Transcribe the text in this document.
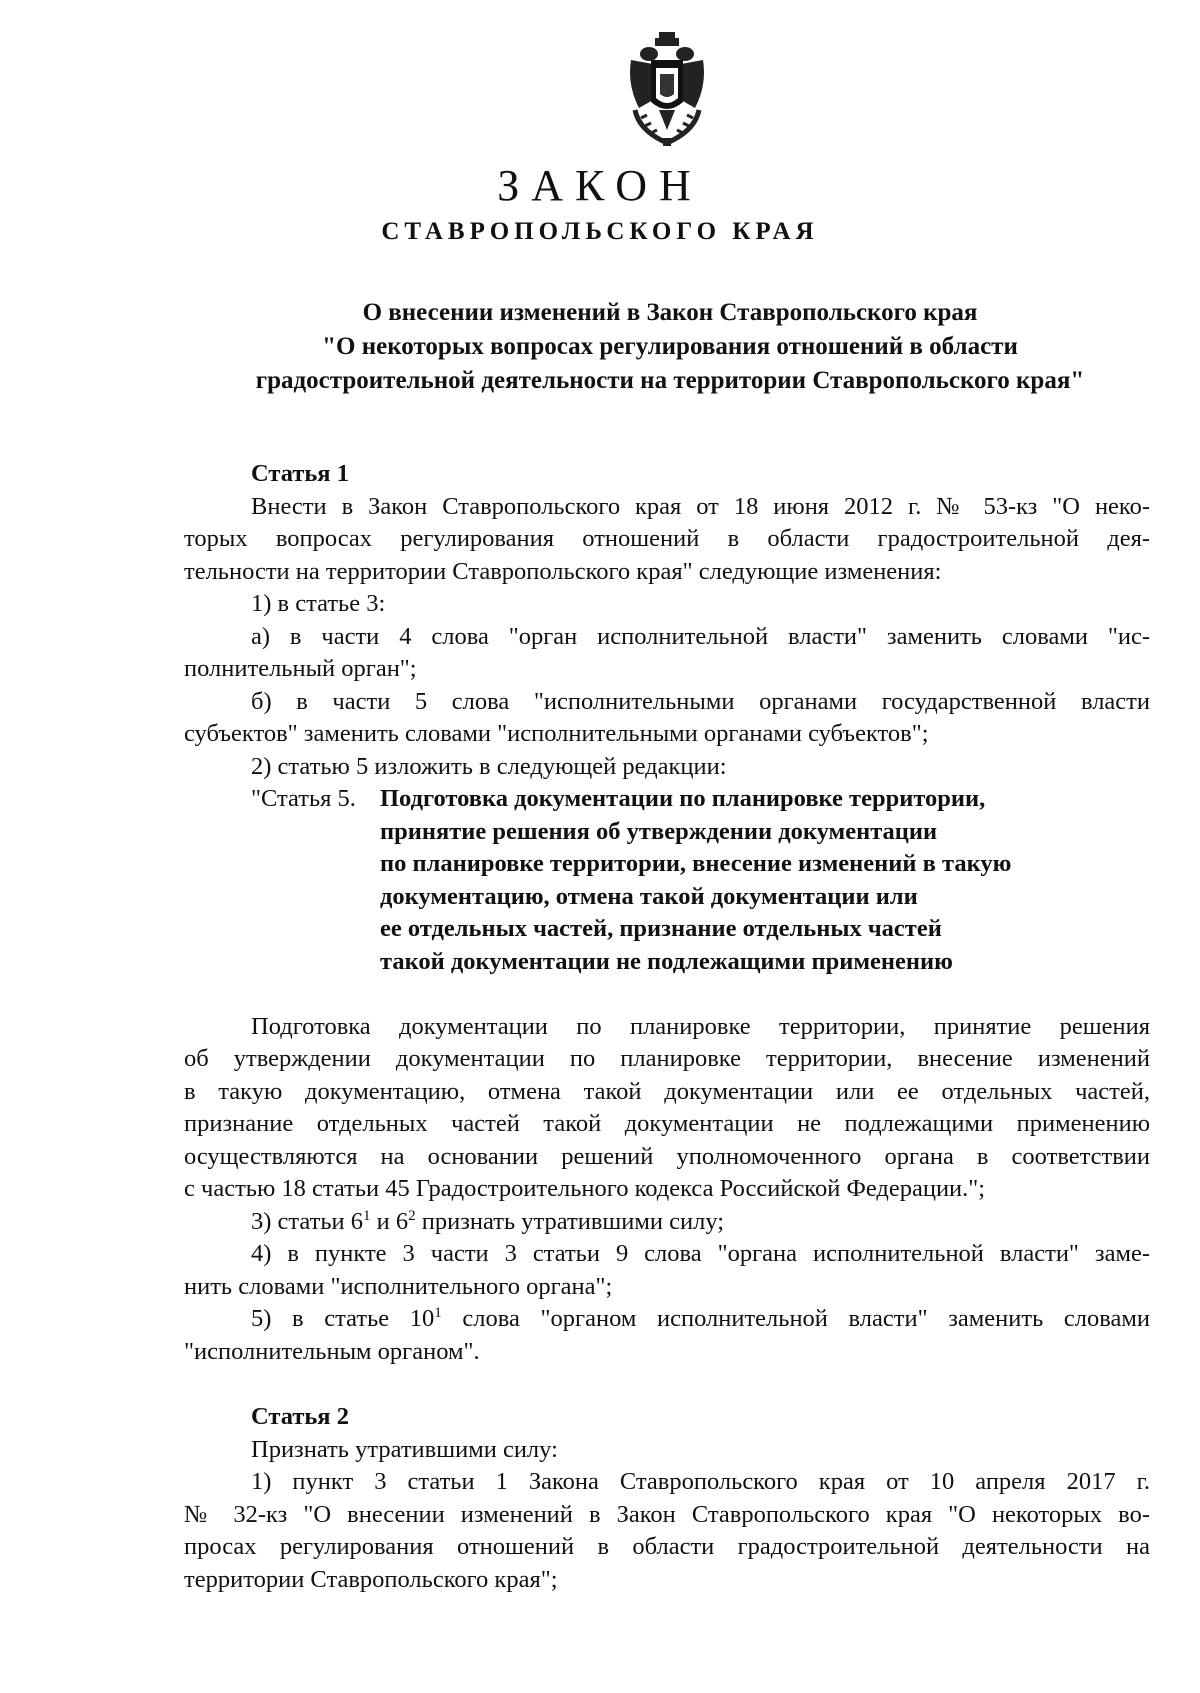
ЗАКОН
СТАВРОПОЛЬСКОГО КРАЯ
О внесении изменений в Закон Ставропольского края
"О некоторых вопросах регулирования отношений в области
градостроительной деятельности на территории Ставропольского края"
Статья 1
Внести в Закон Ставропольского края от 18 июня 2012 г. № 53-кз "О неко-
торых вопросах регулирования отношений в области градостроительной дея-
тельности на территории Ставропольского края" следующие изменения:
1) в статье 3:
а) в части 4 слова "орган исполнительной власти" заменить словами "ис-
полнительный орган";
б) в части 5 слова "исполнительными органами государственной власти
субъектов" заменить словами "исполнительными органами субъектов";
2) статью 5 изложить в следующей редакции:
"Статья 5. Подготовка документации по планировке территории,
принятие решения об утверждении документации
по планировке территории, внесение изменений в такую
документацию, отмена такой документации или
ее отдельных частей, признание отдельных частей
такой документации не подлежащими применению
Подготовка документации по планировке территории, принятие решения
об утверждении документации по планировке территории, внесение изменений
в такую документацию, отмена такой документации или ее отдельных частей,
признание отдельных частей такой документации не подлежащими применению
осуществляются на основании решений уполномоченного органа в соответствии
с частью 18 статьи 45 Градостроительного кодекса Российской Федерации.";
3) статьи $6^1$ и $6^2$ признать утратившими силу;
4) в пункте 3 части 3 статьи 9 слова "органа исполнительной власти" заме-
нить словами "исполнительного органа";
5) в статье $10^1$ слова "органом исполнительной власти" заменить словами
"исполнительным органом".
Статья 2
Признать утратившими силу:
1) пункт 3 статьи 1 Закона Ставропольского края от 10 апреля 2017 г.
№ 32-кз "О внесении изменений в Закон Ставропольского края "О некоторых во-
просах регулирования отношений в области градостроительной деятельности на
территории Ставропольского края";
